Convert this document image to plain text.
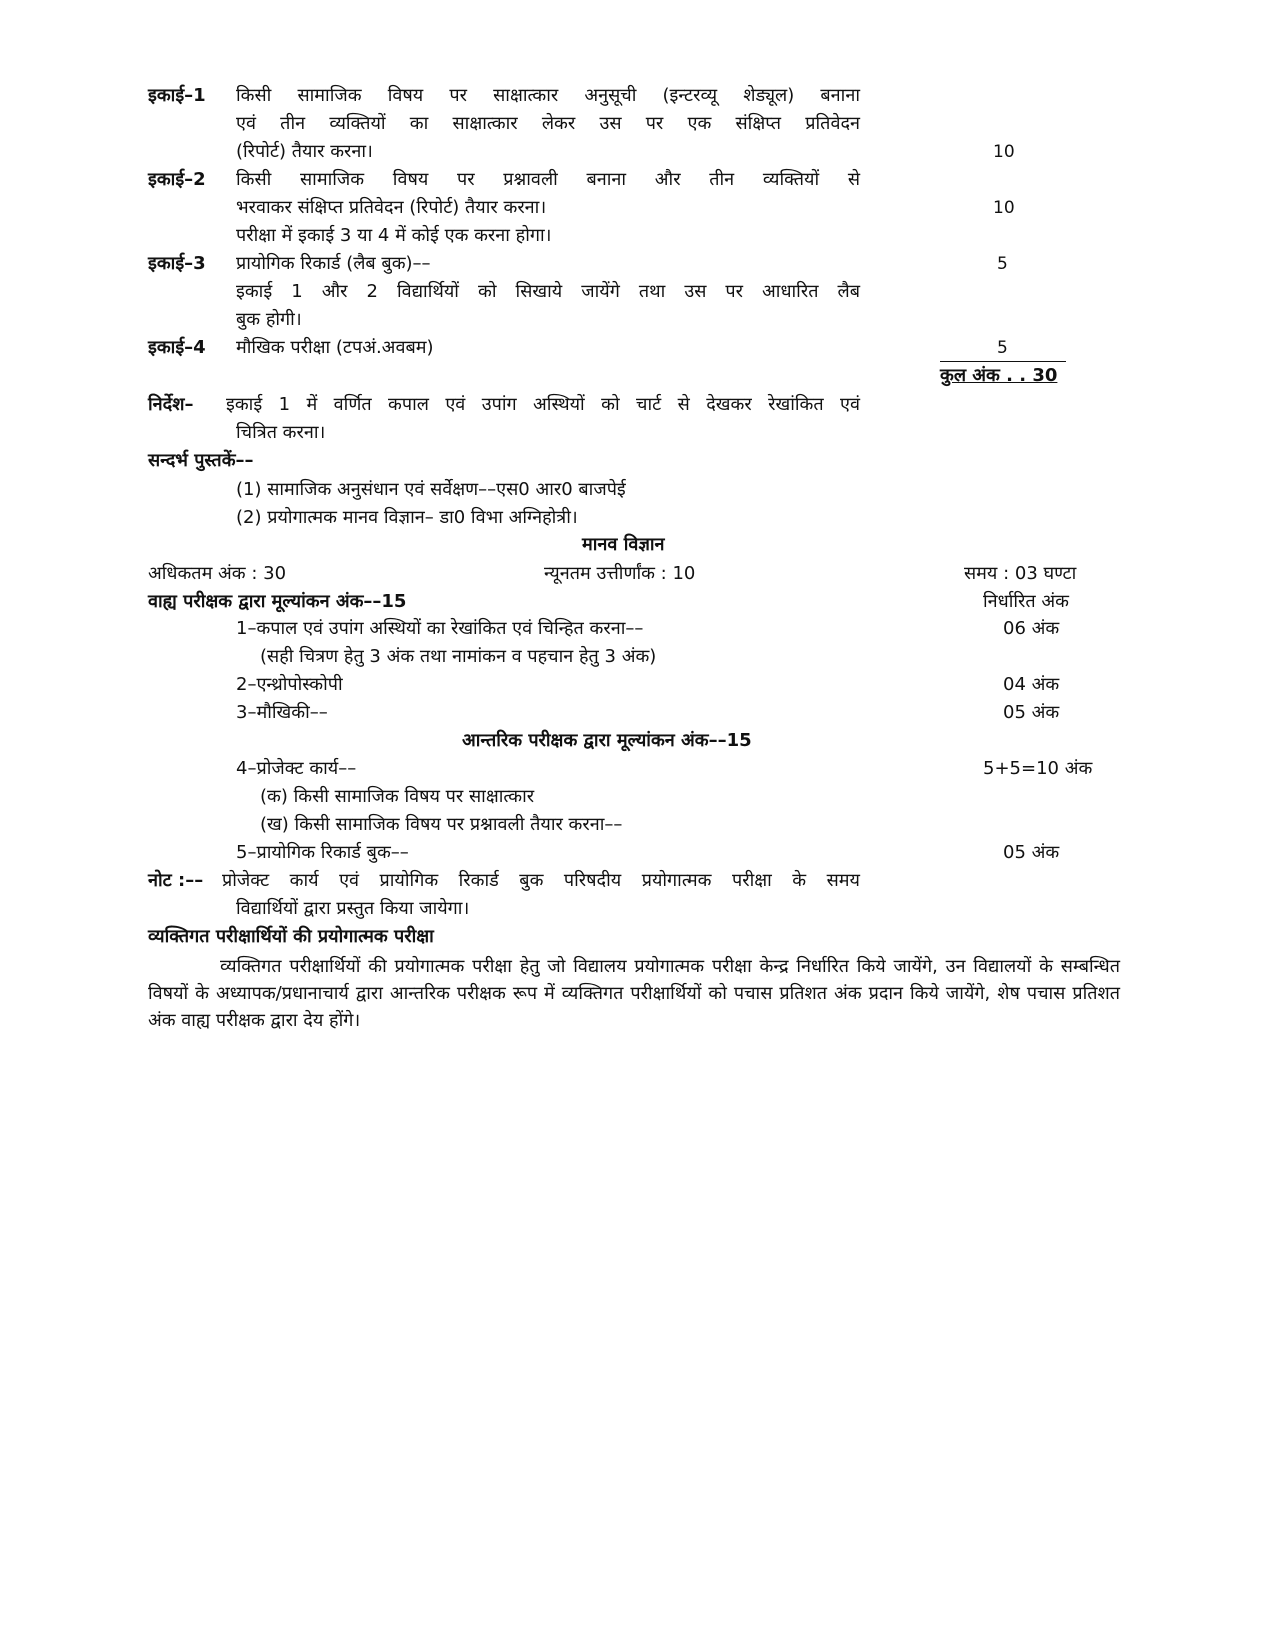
इकाई–1 किसी सामाजिक विषय पर साक्षात्कार अनुसूची (इन्टरव्यू शेड्यूल) बनाना
एवं तीन व्यक्तियों का साक्षात्कार लेकर उस पर एक संक्षिप्त प्रतिवेदन
(रिपोर्ट) तैयार करना।	10
इकाई–2 किसी सामाजिक विषय पर प्रश्नावली बनाना और तीन व्यक्तियों से
भरवाकर संक्षिप्त प्रतिवेदन (रिपोर्ट) तैयार करना।	10
परीक्षा में इकाई 3 या 4 में कोई एक करना होगा।
इकाई–3 प्रायोगिक रिकार्ड (लैब बुक)––	5
इकाई 1 और 2 विद्यार्थियों को सिखाये जायेंगे तथा उस पर आधारित लैब
बुक होगी।
इकाई–4 मौखिक परीक्षा (टपअं.अवबम)	5
कुल अंक . . 30
निर्देश– इकाई 1 में वर्णित कपाल एवं उपांग अस्थियों को चार्ट से देखकर रेखांकित एवं
चित्रित करना।
सन्दर्भ पुस्तकें––
(1) सामाजिक अनुसंधान एवं सर्वेक्षण––एस0 आर0 बाजपेई
(2) प्रयोगात्मक मानव विज्ञान– डा0 विभा अग्निहोत्री।
मानव विज्ञान
अधिकतम अंक : 30	न्यूनतम उत्तीर्णांक : 10	समय : 03 घण्टा
वाह्य परीक्षक द्वारा मूल्यांकन अंक––15	निर्धारित अंक
1–कपाल एवं उपांग अस्थियों का रेखांकित एवं चिन्हित करना––	06 अंक
(सही चित्रण हेतु 3 अंक तथा नामांकन व पहचान हेतु 3 अंक)
2–एन्थ्रोपोस्कोपी	04 अंक
3–मौखिकी––	05 अंक
आन्तरिक परीक्षक द्वारा मूल्यांकन अंक––15
4–प्रोजेक्ट कार्य––	5+5=10 अंक
(क) किसी सामाजिक विषय पर साक्षात्कार
(ख) किसी सामाजिक विषय पर प्रश्नावली तैयार करना––
5–प्रायोगिक रिकार्ड बुक––	05 अंक
नोट :–– प्रोजेक्ट कार्य एवं प्रायोगिक रिकार्ड बुक परिषदीय प्रयोगात्मक परीक्षा के समय
विद्यार्थियों द्वारा प्रस्तुत किया जायेगा।
व्यक्तिगत परीक्षार्थियों की प्रयोगात्मक परीक्षा
व्यक्तिगत परीक्षार्थियों की प्रयोगात्मक परीक्षा हेतु जो विद्यालय प्रयोगात्मक परीक्षा केन्द्र निर्धारित किये जायेंगे, उन विद्यालयों के सम्बन्धित विषयों के अध्यापक/प्रधानाचार्य द्वारा आन्तरिक परीक्षक रूप में व्यक्तिगत परीक्षार्थियों को पचास प्रतिशत अंक प्रदान किये जायेंगे, शेष पचास प्रतिशत अंक वाह्य परीक्षक द्वारा देय होंगे।
